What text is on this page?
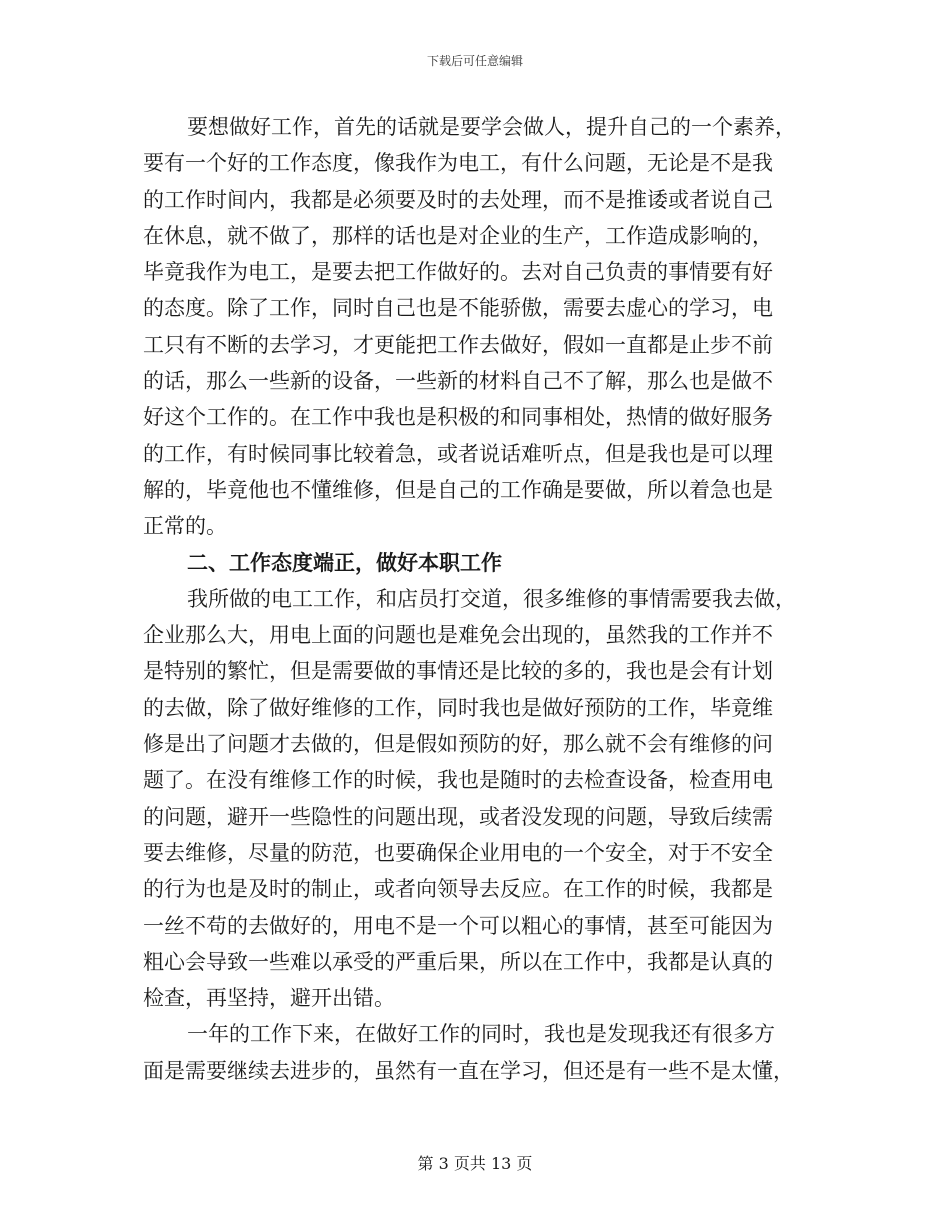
下载后可任意编辑
要想做好工作，首先的话就是要学会做人，提升自己的一个素养，
要有一个好的工作态度，像我作为电工，有什么问题，无论是不是我
的工作时间内，我都是必须要及时的去处理，而不是推诿或者说自己
在休息，就不做了，那样的话也是对企业的生产，工作造成影响的，
毕竟我作为电工，是要去把工作做好的。去对自己负责的事情要有好
的态度。除了工作，同时自己也是不能骄傲，需要去虚心的学习，电
工只有不断的去学习，才更能把工作去做好，假如一直都是止步不前
的话，那么一些新的设备，一些新的材料自己不了解，那么也是做不
好这个工作的。在工作中我也是积极的和同事相处，热情的做好服务
的工作，有时候同事比较着急，或者说话难听点，但是我也是可以理
解的，毕竟他也不懂维修，但是自己的工作确是要做，所以着急也是
正常的。
二、工作态度端正，做好本职工作
我所做的电工工作，和店员打交道，很多维修的事情需要我去做，
企业那么大，用电上面的问题也是难免会出现的，虽然我的工作并不
是特别的繁忙，但是需要做的事情还是比较的多的，我也是会有计划
的去做，除了做好维修的工作，同时我也是做好预防的工作，毕竟维
修是出了问题才去做的，但是假如预防的好，那么就不会有维修的问
题了。在没有维修工作的时候，我也是随时的去检查设备，检查用电
的问题，避开一些隐性的问题出现，或者没发现的问题，导致后续需
要去维修，尽量的防范，也要确保企业用电的一个安全，对于不安全
的行为也是及时的制止，或者向领导去反应。在工作的时候，我都是
一丝不苟的去做好的，用电不是一个可以粗心的事情，甚至可能因为
粗心会导致一些难以承受的严重后果，所以在工作中，我都是认真的
检查，再坚持，避开出错。
一年的工作下来，在做好工作的同时，我也是发现我还有很多方
面是需要继续去进步的，虽然有一直在学习，但还是有一些不是太懂，
第 3 页共 13 页
